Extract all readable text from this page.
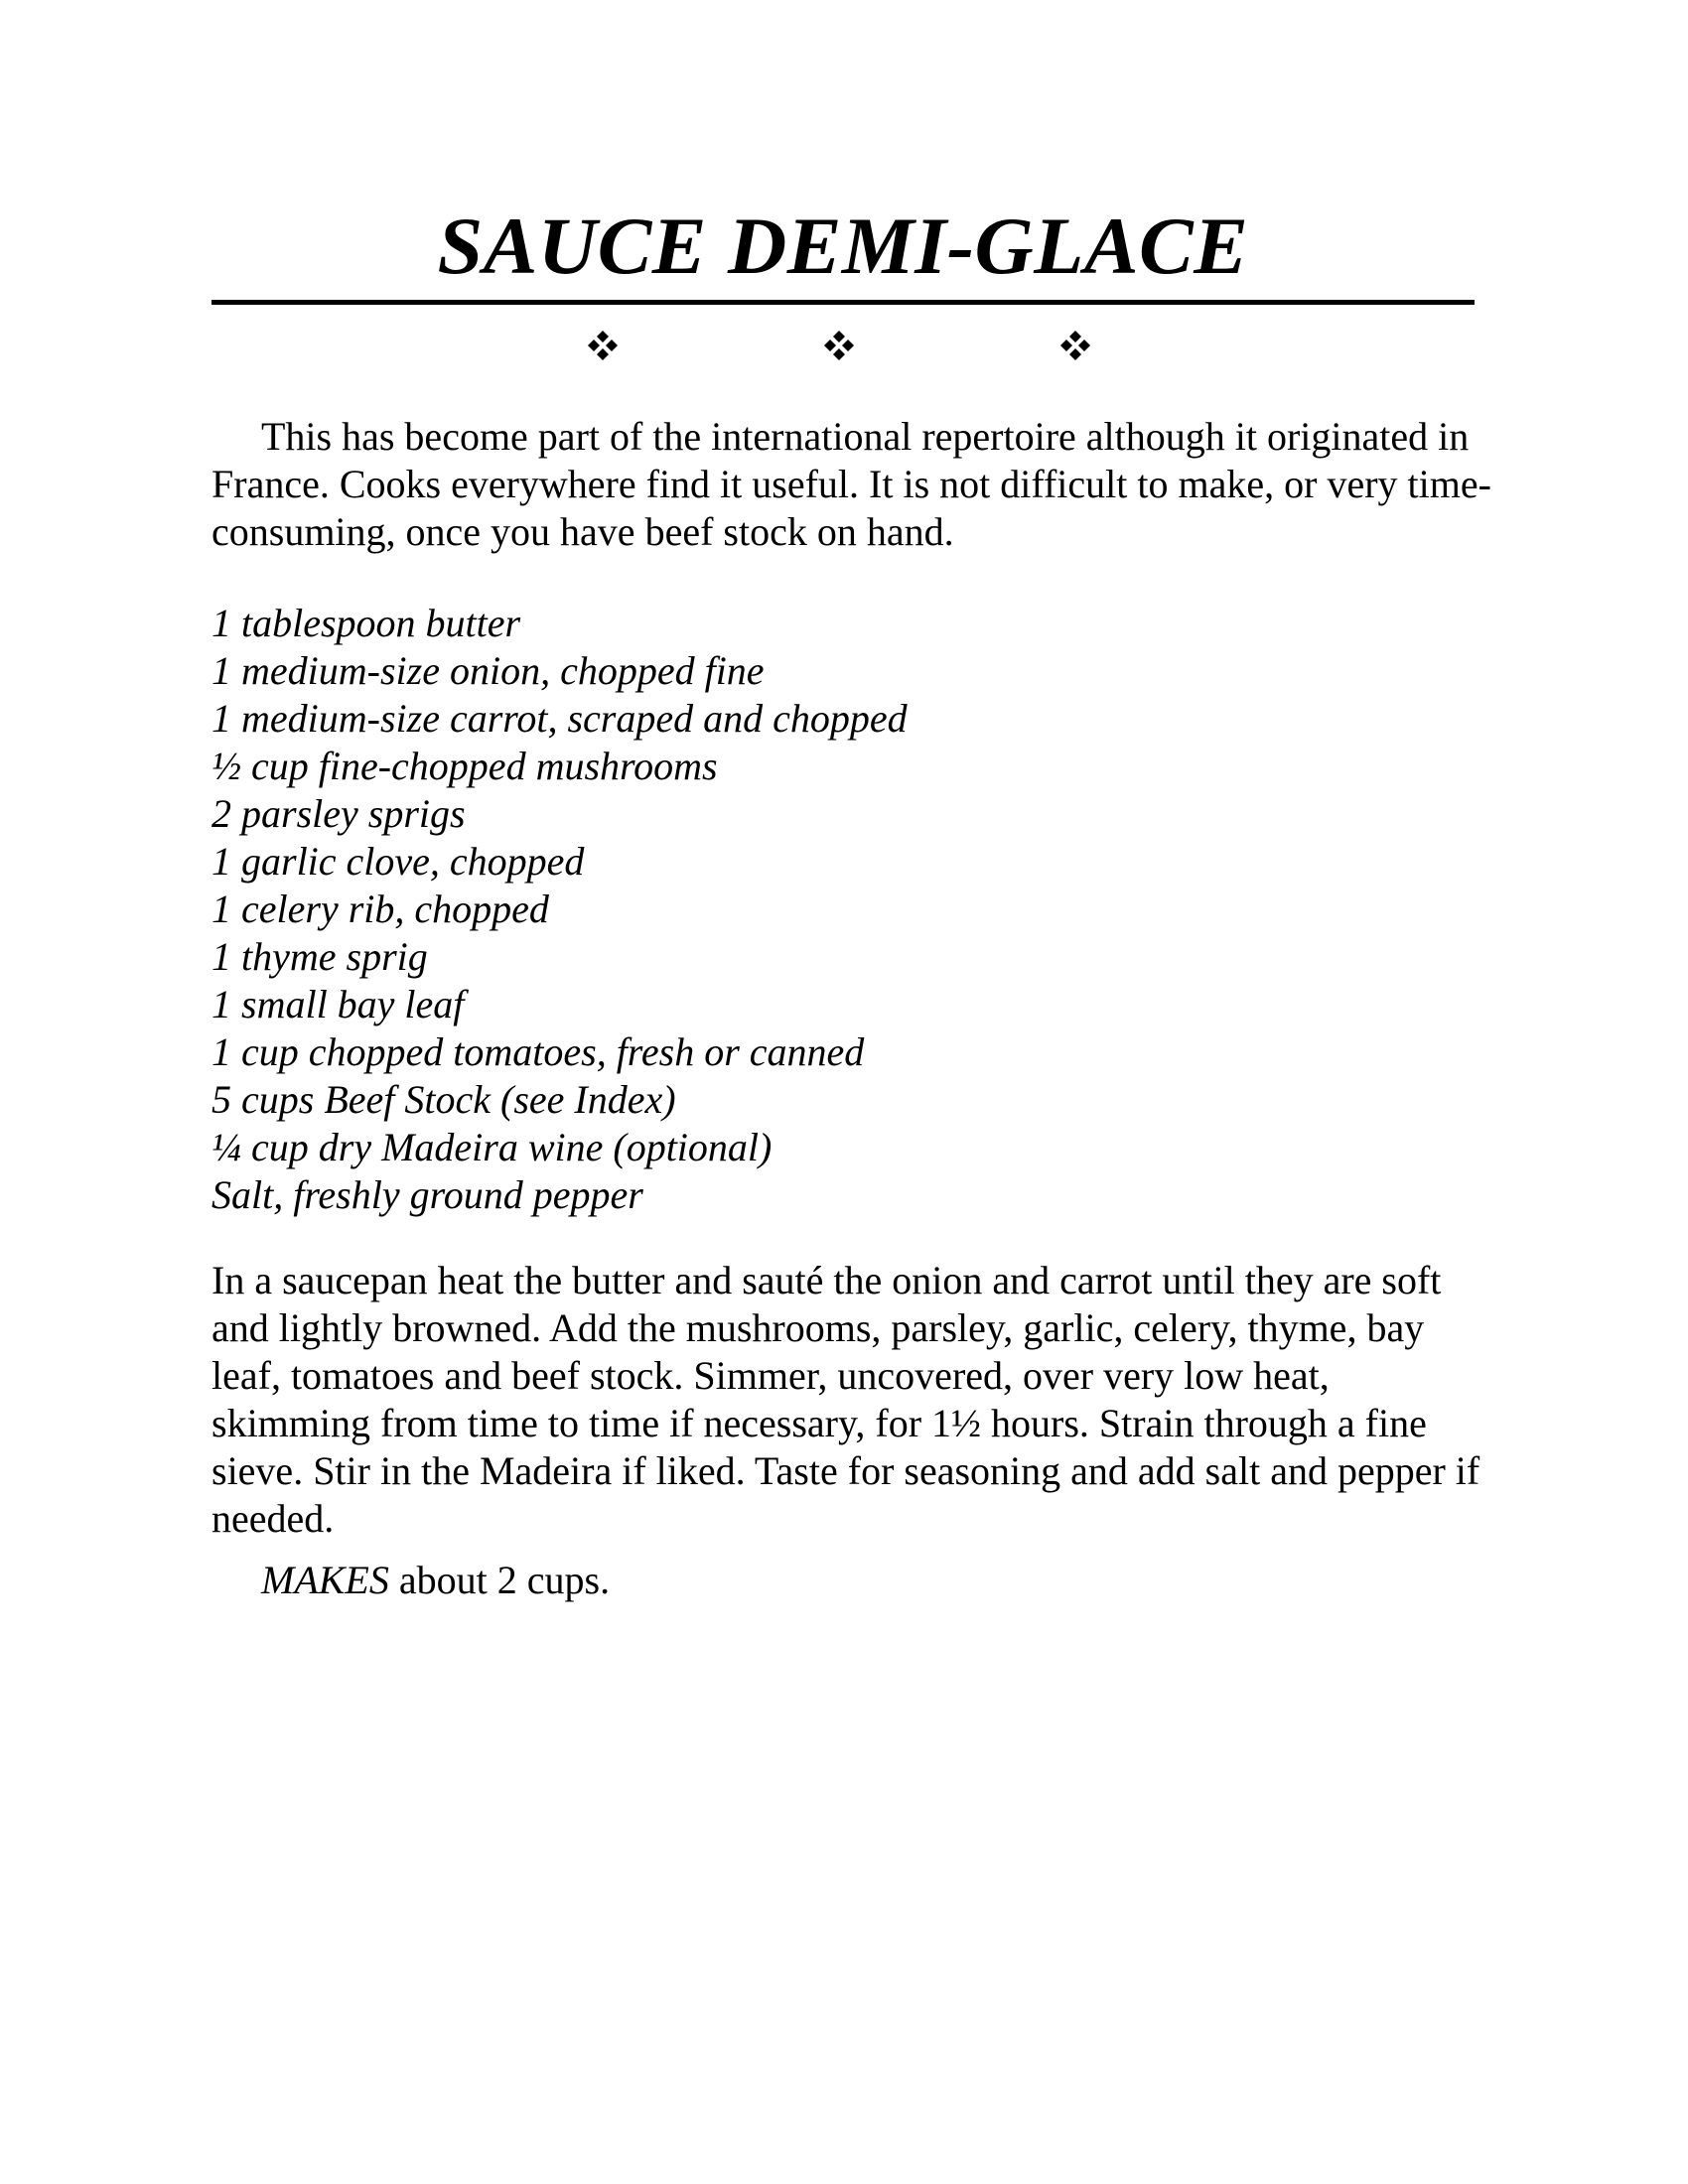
SAUCE DEMI-GLACE

This has become part of the international repertoire although it originated in France. Cooks everywhere find it useful. It is not difficult to make, or very time-consuming, once you have beef stock on hand.

1 tablespoon butter
1 medium-size onion, chopped fine
1 medium-size carrot, scraped and chopped
½ cup fine-chopped mushrooms
2 parsley sprigs
1 garlic clove, chopped
1 celery rib, chopped
1 thyme sprig
1 small bay leaf
1 cup chopped tomatoes, fresh or canned
5 cups Beef Stock (see Index)
¼ cup dry Madeira wine (optional)
Salt, freshly ground pepper

In a saucepan heat the butter and sauté the onion and carrot until they are soft and lightly browned. Add the mushrooms, parsley, garlic, celery, thyme, bay leaf, tomatoes and beef stock. Simmer, uncovered, over very low heat, skimming from time to time if necessary, for 1½ hours. Strain through a fine sieve. Stir in the Madeira if liked. Taste for seasoning and add salt and pepper if needed.

MAKES about 2 cups.
